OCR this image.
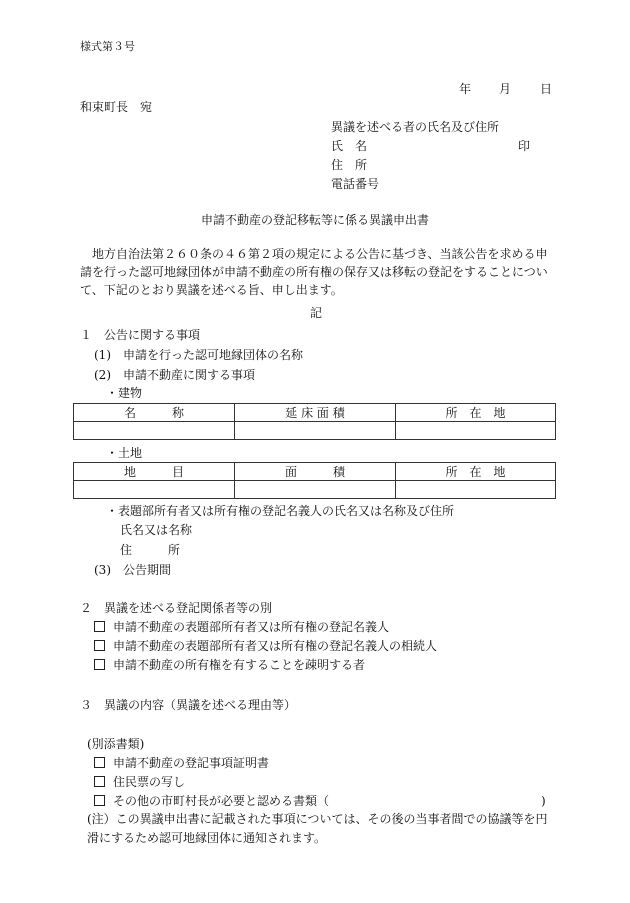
様式第３号
年 月 日
和束町長　宛
異議を述べる者の氏名及び住所
氏　名	印
住　所
電話番号
申請不動産の登記移転等に係る異議申出書
地方自治法第２６０条の４６第２項の規定による公告に基づき、当該公告を求める申請を行った認可地縁団体が申請不動産の所有権の保存又は移転の登記をすることについて、下記のとおり異議を述べる旨、申し出ます。
記
１　公告に関する事項
(1)　申請を行った認可地縁団体の名称
(2)　申請不動産に関する事項
・建物
名　　　称	延 床 面 積	所　在　地

・土地
地　　　目	面　　　積	所　在　地

・表題部所有者又は所有権の登記名義人の氏名又は名称及び住所
氏名又は名称
住　　　所
(3)　公告期間
２　異議を述べる登記関係者等の別
申請不動産の表題部所有者又は所有権の登記名義人
申請不動産の表題部所有者又は所有権の登記名義人の相続人
申請不動産の所有権を有することを疎明する者
３　異議の内容（異議を述べる理由等）
(別添書類)
申請不動産の登記事項証明書
住民票の写し
その他の市町村長が必要と認める書類（	)
(注）この異議申出書に記載された事項については、その後の当事者間での協議等を円滑にするため認可地縁団体に通知されます。
